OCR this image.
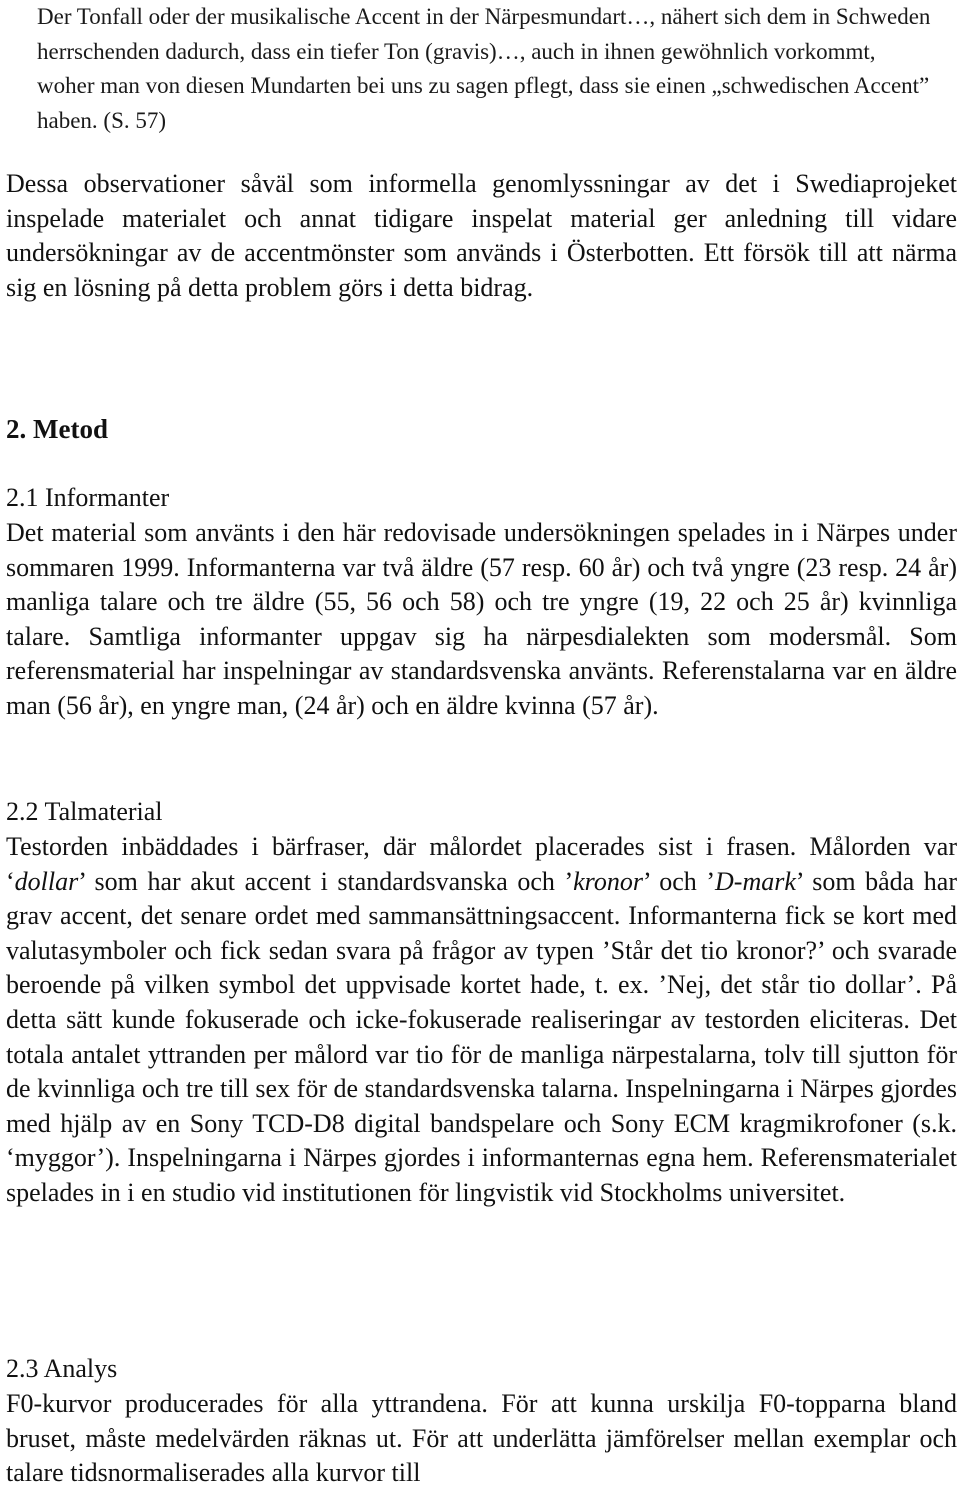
Der Tonfall oder der musikalische Accent in der Närpesmundart…, nähert sich dem in Schweden herrschenden dadurch, dass ein tiefer Ton (gravis)…, auch in ihnen gewöhnlich vorkommt, woher man von diesen Mundarten bei uns zu sagen pflegt, dass sie einen „schwedischen Accent” haben. (S. 57)

Dessa observationer såväl som informella genomlyssningar av det i Swediaprojeket inspelade materialet och annat tidigare inspelat material ger anledning till vidare undersökningar av de accentmönster som används i Österbotten. Ett försök till att närma sig en lösning på detta problem görs i detta bidrag.

2. Metod
2.1 Informanter

Det material som använts i den här redovisade undersökningen spelades in i Närpes under sommaren 1999. Informanterna var två äldre (57 resp. 60 år) och två yngre (23 resp. 24 år) manliga talare och tre äldre (55, 56 och 58) och tre yngre (19, 22 och 25 år) kvinnliga talare. Samtliga informanter uppgav sig ha närpesdialekten som modersmål. Som referensmaterial har inspelningar av standardsvenska använts. Referenstalarna var en äldre man (56 år), en yngre man, (24 år) och en äldre kvinna (57 år).

2.2 Talmaterial

Testorden inbäddades i bärfraser, där målordet placerades sist i frasen. Målorden var ‘dollar’ som har akut accent i standardsvanska och ’kronor’ och ’D-mark’ som båda har grav accent, det senare ordet med sammansättningsaccent. Informanterna fick se kort med valutasymboler och fick sedan svara på frågor av typen ’Står det tio kronor?’ och svarade beroende på vilken symbol det uppvisade kortet hade, t. ex. ’Nej, det står tio dollar’. På detta sätt kunde fokuserade och icke-fokuserade realiseringar av testorden eliciteras. Det totala antalet yttranden per målord var tio för de manliga närpestalarna, tolv till sjutton för de kvinnliga och tre till sex för de standardsvenska talarna. Inspelningarna i Närpes gjordes med hjälp av en Sony TCD-D8 digital bandspelare och Sony ECM kragmikrofoner (s.k. ‘myggor’). Inspelningarna i Närpes gjordes i informanternas egna hem. Referensmaterialet spelades in i en studio vid institutionen för lingvistik vid Stockholms universitet.

2.3 Analys

F0-kurvor producerades för alla yttrandena. För att kunna urskilja F0-topparna bland bruset, måste medelvärden räknas ut. För att underlätta jämförelser mellan exemplar och talare tidsnormaliserades alla kurvor till
